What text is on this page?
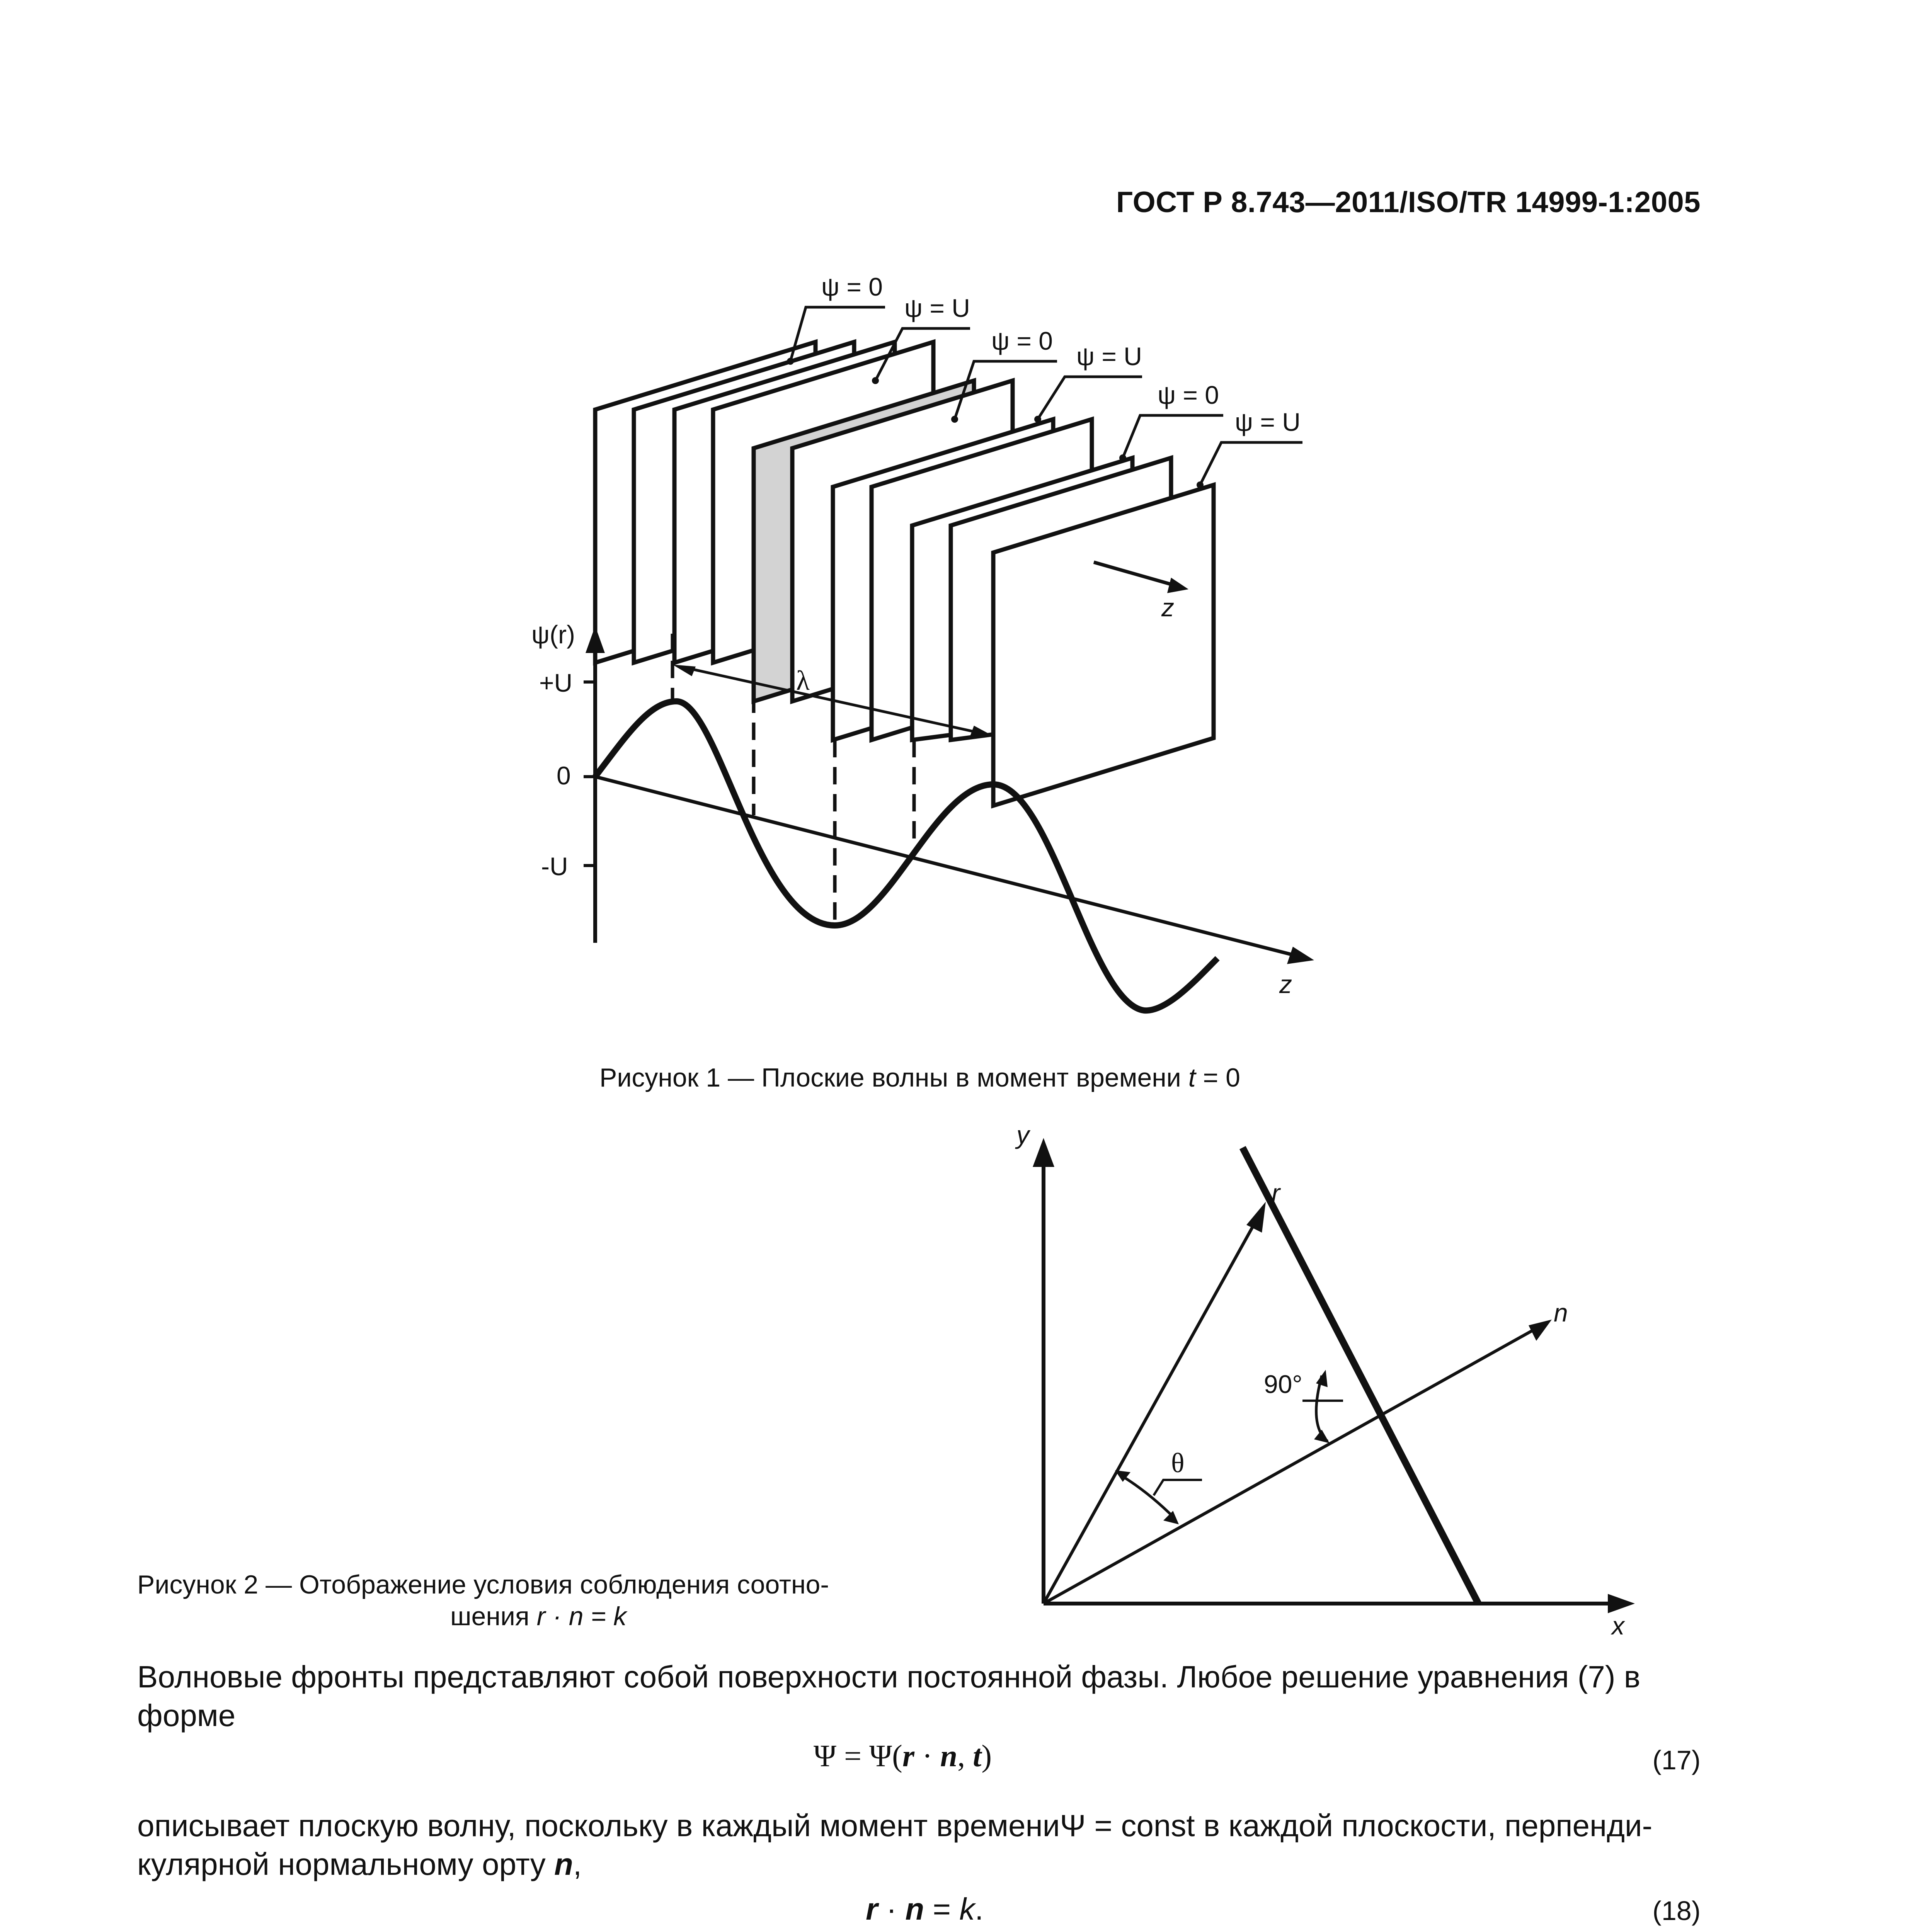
ГОСТ Р 8.743—2011/ISO/TR 14999-1:2005
ψ = 0
ψ = U
ψ = 0
ψ = U
ψ = 0
ψ = U
ψ(r)
+U
0
-U
z
z
λ
Рисунок 1 — Плоские волны в момент времени t = 0
y
x
r
n
90°
θ
Рисунок 2 — Отображение условия соблюдения соотно-
шения r · n = k
Волновые фронты представляют собой поверхности постоянной фазы. Любое решение уравнения (7) в форме
Ψ = Ψ(r · n, t)	(17)
описывает плоскую волну, поскольку в каждый момент времениΨ = const в каждой плоскости, перпенди-
кулярной нормальному орту n,
r · n = k.	(18)
